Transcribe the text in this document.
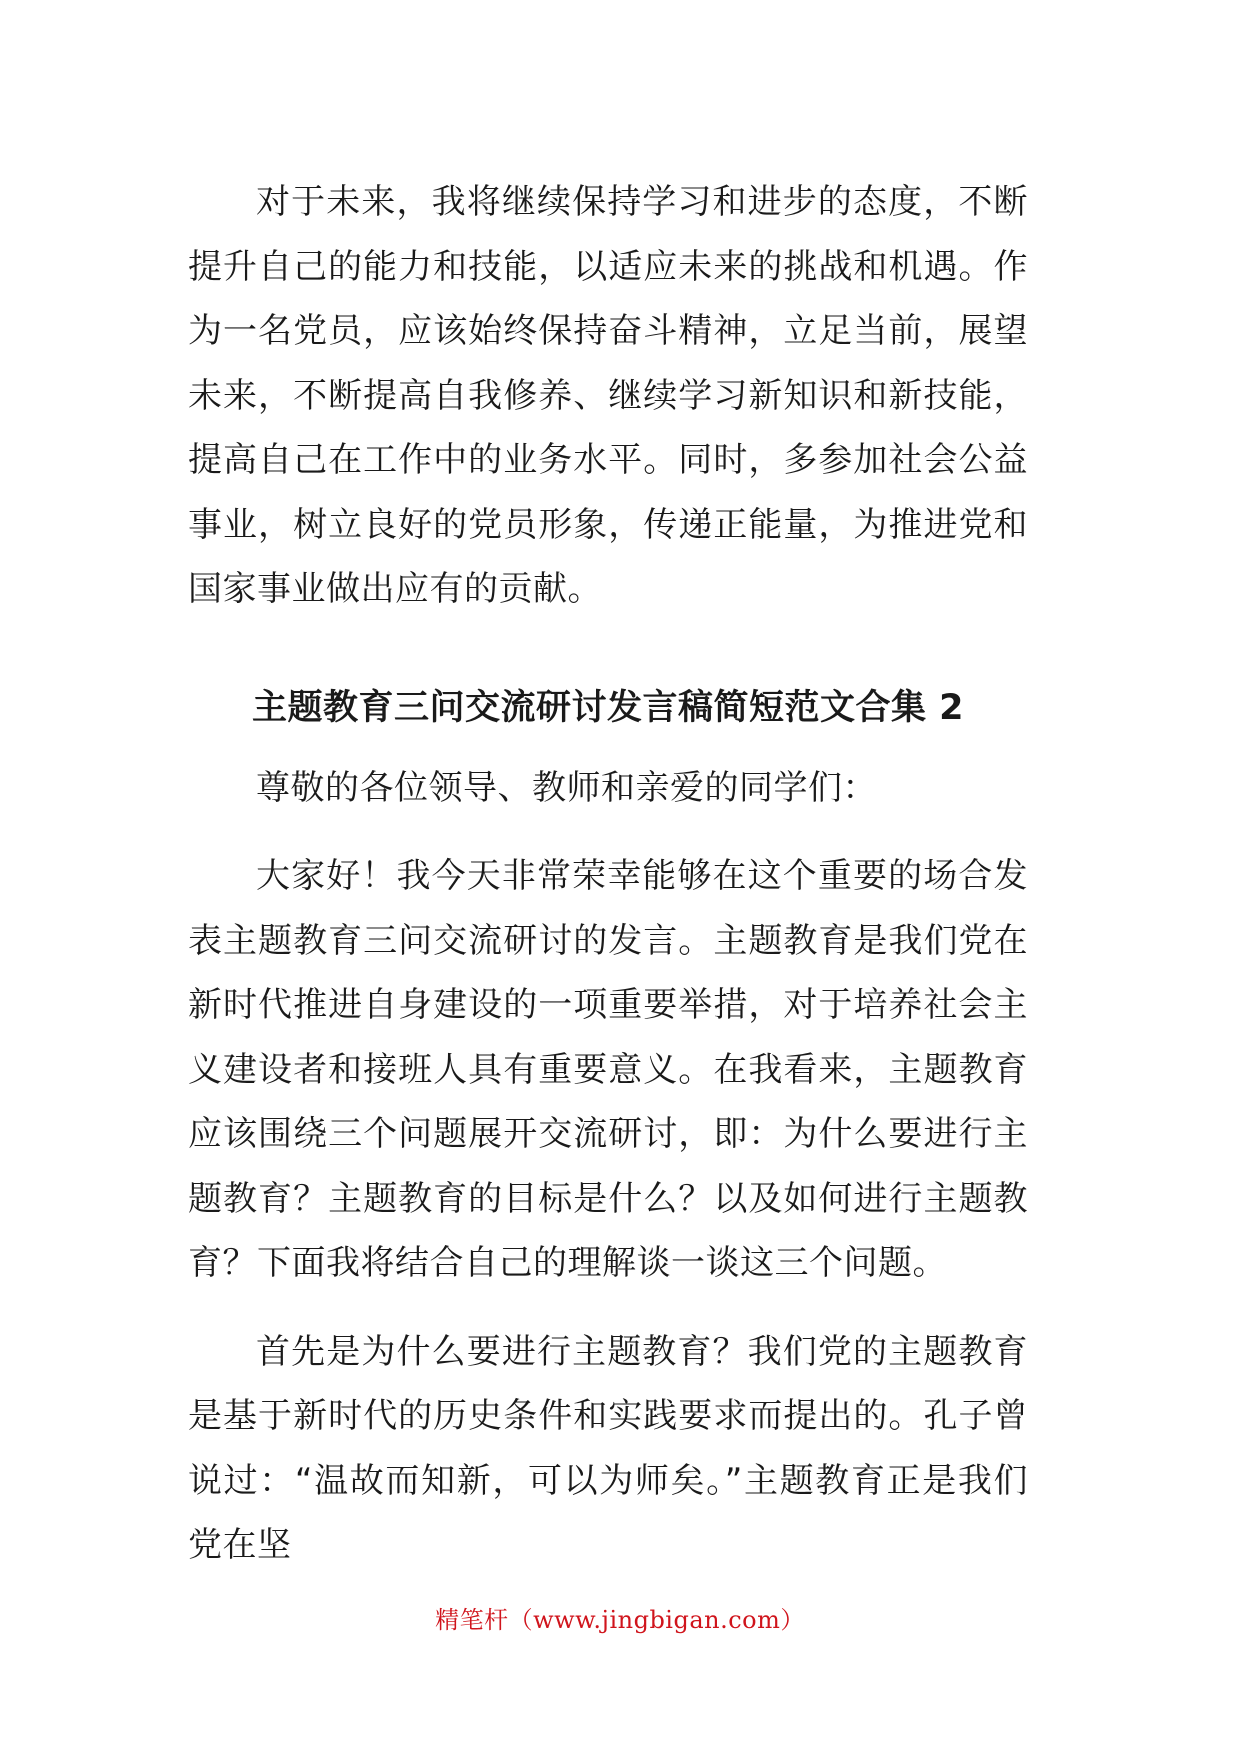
对于未来，我将继续保持学习和进步的态度，不断提升自己的能力和技能，以适应未来的挑战和机遇。作为一名党员，应该始终保持奋斗精神，立足当前，展望未来，不断提高自我修养、继续学习新知识和新技能，提高自己在工作中的业务水平。同时，多参加社会公益事业，树立良好的党员形象，传递正能量，为推进党和国家事业做出应有的贡献。

主题教育三问交流研讨发言稿简短范文合集 2

尊敬的各位领导、教师和亲爱的同学们：

大家好！我今天非常荣幸能够在这个重要的场合发表主题教育三问交流研讨的发言。主题教育是我们党在新时代推进自身建设的一项重要举措，对于培养社会主义建设者和接班人具有重要意义。在我看来，主题教育应该围绕三个问题展开交流研讨，即：为什么要进行主题教育？主题教育的目标是什么？以及如何进行主题教育？下面我将结合自己的理解谈一谈这三个问题。

首先是为什么要进行主题教育？我们党的主题教育是基于新时代的历史条件和实践要求而提出的。孔子曾说过：“温故而知新，可以为师矣。”主题教育正是我们党在坚

精笔杆（www.jingbigan.com）
